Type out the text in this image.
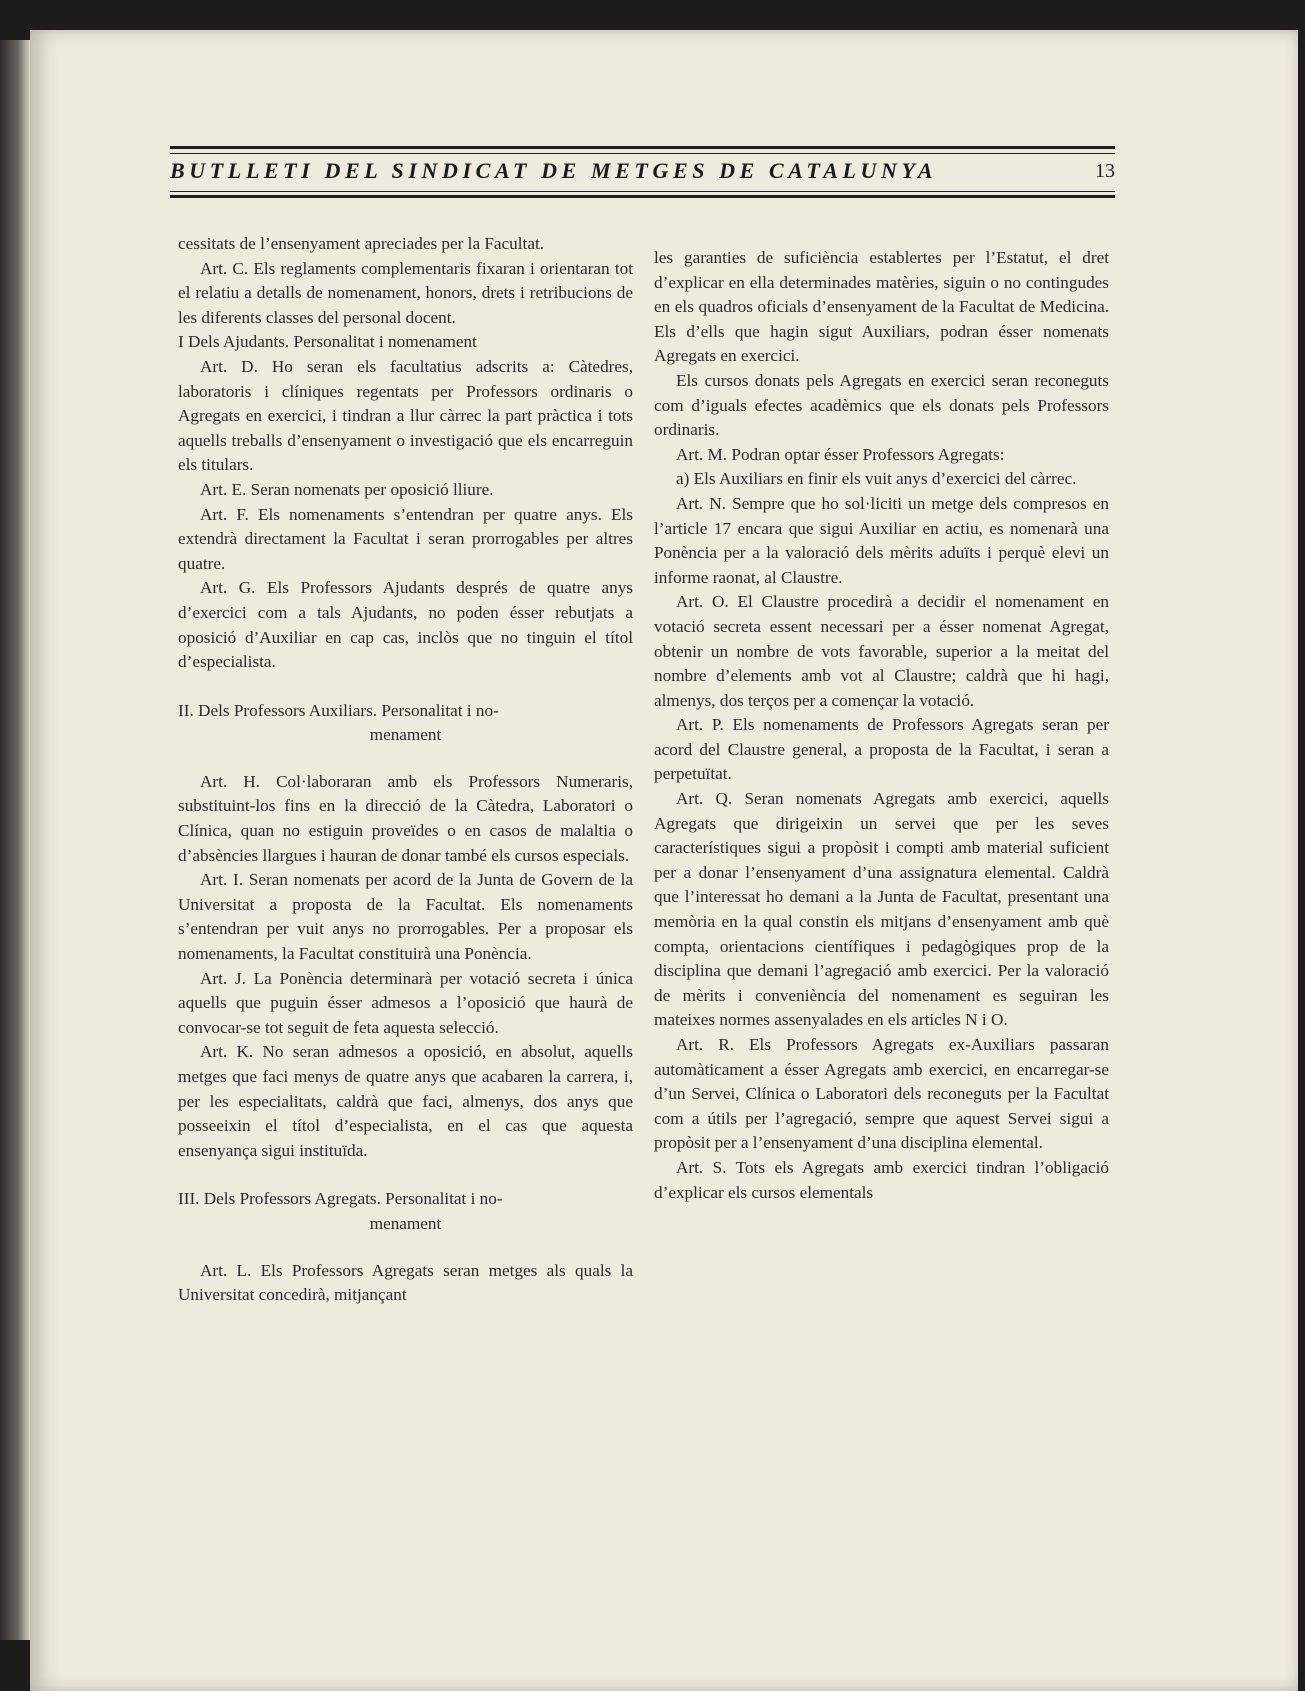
BUTLLETI DEL SINDICAT DE METGES DE CATALUNYA	13

cessitats de l’ensenyament apreciades per la Facultat.

Art. C. Els reglaments complementaris fixaran i orientaran tot el relatiu a detalls de nomenament, honors, drets i retribucions de les diferents classes del personal docent.

I Dels Ajudants. Personalitat i nomenament

Art. D. Ho seran els facultatius adscrits a: Càtedres, laboratoris i clíniques regentats per Professors ordinaris o Agregats en exercici, i tindran a llur càrrec la part pràctica i tots aquells treballs d’ensenyament o investigació que els encarreguin els titulars.

Art. E. Seran nomenats per oposició lliure.

Art. F. Els nomenaments s’entendran per quatre anys. Els extendrà directament la Facultat i seran prorrogables per altres quatre.

Art. G. Els Professors Ajudants després de quatre anys d’exercici com a tals Ajudants, no poden ésser rebutjats a oposició d’Auxiliar en cap cas, inclòs que no tinguin el títol d’especialista.

II. Dels Professors Auxiliars. Personalitat i no-
menament

Art. H. Col·laboraran amb els Professors Numeraris, substituint-los fins en la direcció de la Càtedra, Laboratori o Clínica, quan no estiguin proveïdes o en casos de malaltia o d’absències llargues i hauran de donar també els cursos especials.

Art. I. Seran nomenats per acord de la Junta de Govern de la Universitat a proposta de la Facultat. Els nomenaments s’entendran per vuit anys no prorrogables. Per a proposar els nomenaments, la Facultat constituirà una Ponència.

Art. J. La Ponència determinarà per votació secreta i única aquells que puguin ésser admesos a l’oposició que haurà de convocar-se tot seguit de feta aquesta selecció.

Art. K. No seran admesos a oposició, en absolut, aquells metges que faci menys de quatre anys que acabaren la carrera, i, per les especialitats, caldrà que faci, almenys, dos anys que posseeixin el títol d’especialista, en el cas que aquesta ensenyança sigui instituïda.

III. Dels Professors Agregats. Personalitat i no-
menament

Art. L. Els Professors Agregats seran metges als quals la Universitat concedirà, mitjançant

les garanties de suficiència establertes per l’Estatut, el dret d’explicar en ella determinades matèries, siguin o no contingudes en els quadros oficials d’ensenyament de la Facultat de Medicina. Els d’ells que hagin sigut Auxiliars, podran ésser nomenats Agregats en exercici.

Els cursos donats pels Agregats en exercici seran reconeguts com d’iguals efectes acadèmics que els donats pels Professors ordinaris.

Art. M. Podran optar ésser Professors Agregats:

a) Els Auxiliars en finir els vuit anys d’exercici del càrrec.

Art. N. Sempre que ho sol·liciti un metge dels compresos en l’article 17 encara que sigui Auxiliar en actiu, es nomenarà una Ponència per a la valoració dels mèrits aduïts i perquè elevi un informe raonat, al Claustre.

Art. O. El Claustre procedirà a decidir el nomenament en votació secreta essent necessari per a ésser nomenat Agregat, obtenir un nombre de vots favorable, superior a la meitat del nombre d’elements amb vot al Claustre; caldrà que hi hagi, almenys, dos terços per a començar la votació.

Art. P. Els nomenaments de Professors Agregats seran per acord del Claustre general, a proposta de la Facultat, i seran a perpetuïtat.

Art. Q. Seran nomenats Agregats amb exercici, aquells Agregats que dirigeixin un servei que per les seves característiques sigui a propòsit i compti amb material suficient per a donar l’ensenyament d’una assignatura elemental. Caldrà que l’interessat ho demani a la Junta de Facultat, presentant una memòria en la qual constin els mitjans d’ensenyament amb què compta, orientacions científiques i pedagògiques prop de la disciplina que demani l’agregació amb exercici. Per la valoració de mèrits i conveniència del nomenament es seguiran les mateixes normes assenyalades en els articles N i O.

Art. R. Els Professors Agregats ex-Auxiliars passaran automàticament a ésser Agregats amb exercici, en encarregar-se d’un Servei, Clínica o Laboratori dels reconeguts per la Facultat com a útils per l’agregació, sempre que aquest Servei sigui a propòsit per a l’ensenyament d’una disciplina elemental.

Art. S. Tots els Agregats amb exercici tindran l’obligació d’explicar els cursos elementals
